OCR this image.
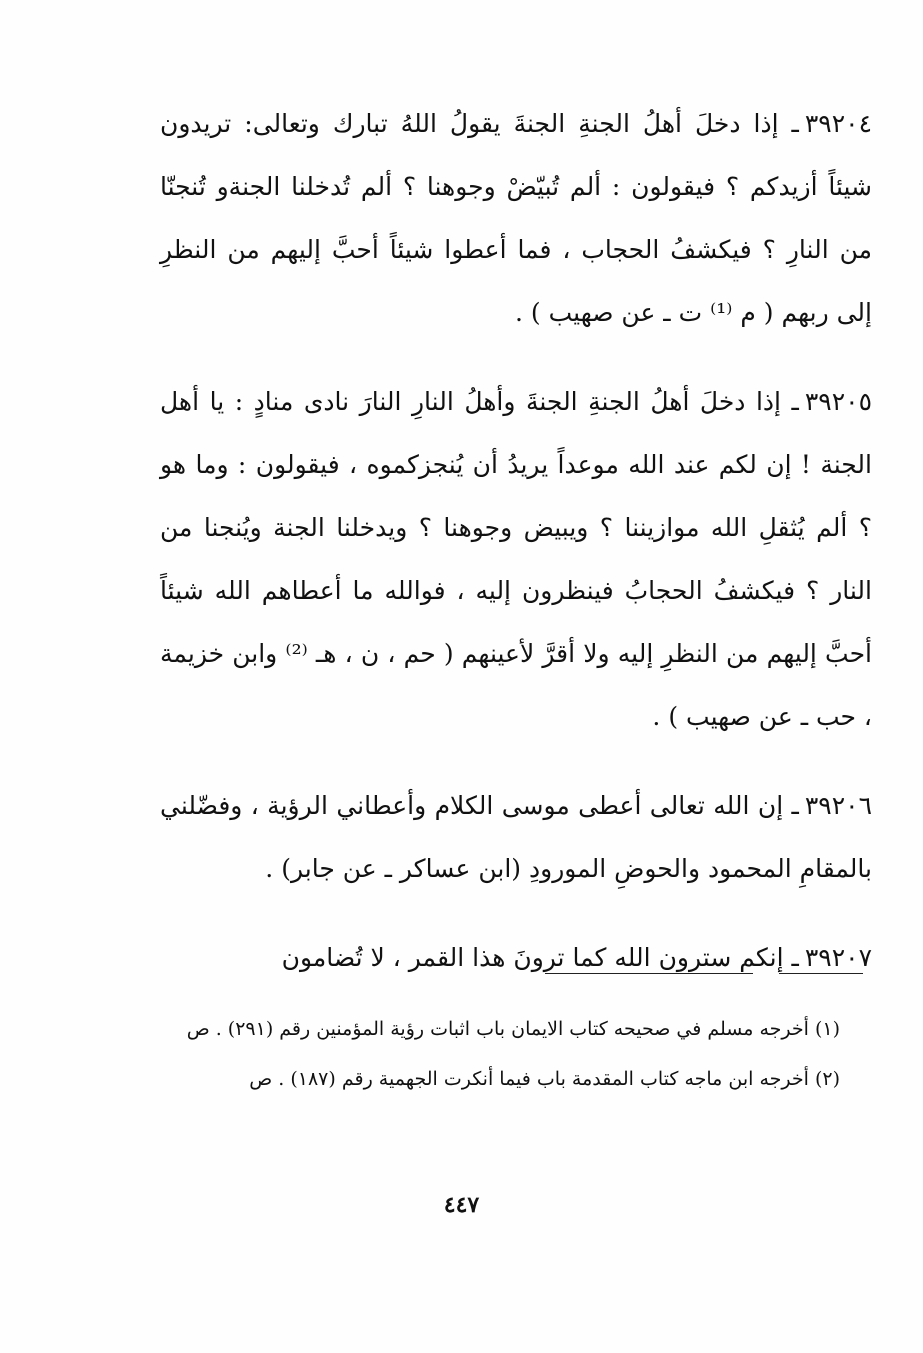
٣٩٢٠٤ـ إذا دخلَ أهلُ الجنةِ الجنةَ يقولُ اللهُ تبارك وتعالى: تريدون شيئاً أزيدكم ؟ فيقولون : ألم تُبيّضْ وجوهنا ؟ ألم تُدخلنا الجنةو تُنجنّا من النارِ ؟ فيكشفُ الحجاب ، فما أعطوا شيئاً أحبَّ إليهم من النظرِ إلى ربهم ( م ⁽¹⁾ ت ـ عن صهيب ) .

٣٩٢٠٥ـ إذا دخلَ أهلُ الجنةِ الجنةَ وأهلُ النارِ النارَ نادى منادٍ : يا أهل الجنة ! إن لكم عند الله موعداً يريدُ أن يُنجزكموه ، فيقولون : وما هو ؟ ألم يُثقلِ الله موازيننا ؟ ويبيض وجوهنا ؟ ويدخلنا الجنة ويُنجنا من النار ؟ فيكشفُ الحجابُ فينظرون إليه ، فوالله ما أعطاهم الله شيئاً أحبَّ إليهم من النظرِ إليه ولا أقرَّ لأعينهم ( حم ، ن ، هـ ⁽²⁾ وابن خزيمة ، حب ـ عن صهيب ) .

٣٩٢٠٦ـ إن الله تعالى أعطى موسى الكلام وأعطاني الرؤية ، وفضّلني بالمقامِ المحمود والحوضِ المورودِ (ابن عساكر ـ عن جابر) .

٣٩٢٠٧ـ إنكم سترون الله كما ترونَ هذا القمر ، لا تُضامون

(١) أخرجه مسلم في صحيحه كتاب الايمان باب اثبات رؤية المؤمنين رقم (٢٩١) . ص

(٢) أخرجه ابن ماجه كتاب المقدمة باب فيما أنكرت الجهمية رقم (١٨٧) . ص

٤٤٧
